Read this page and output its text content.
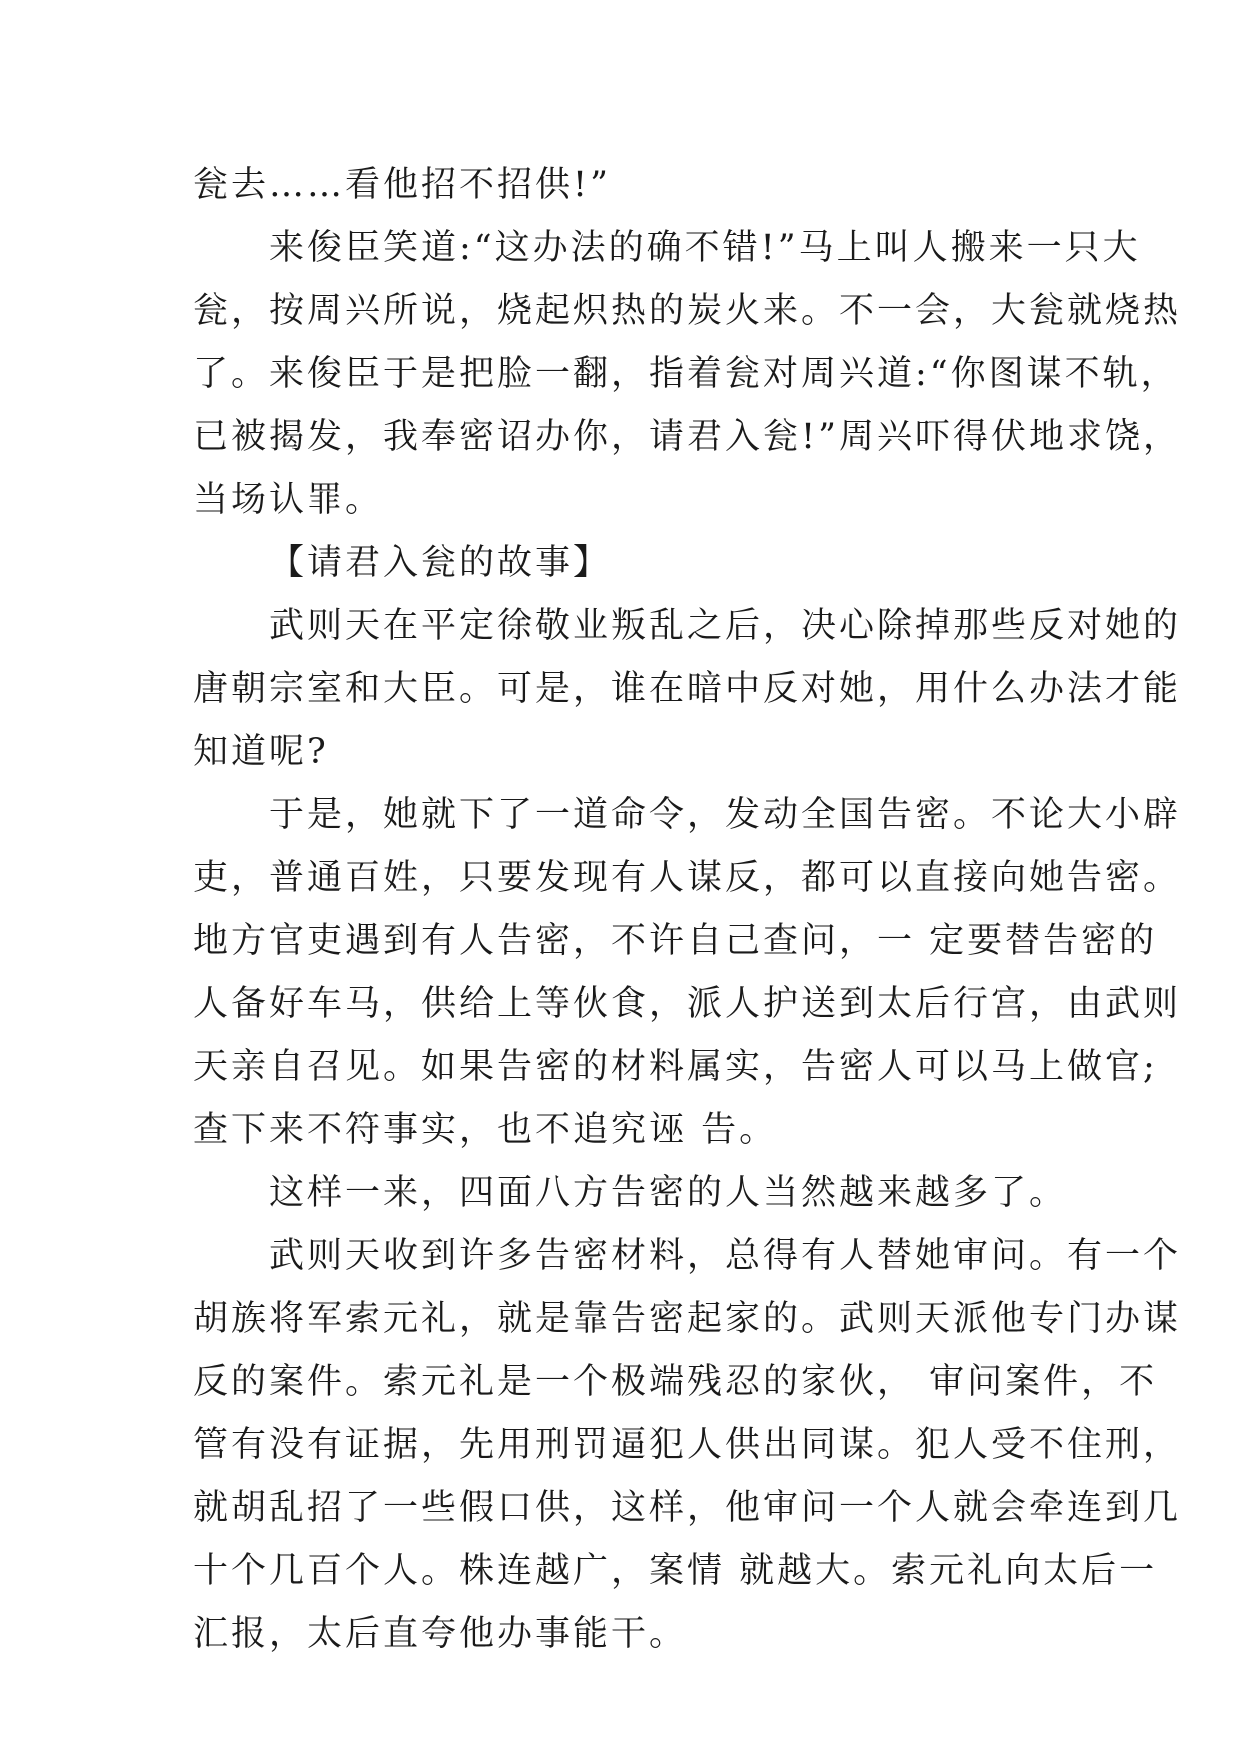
瓮去……看他招不招供!”
来俊臣笑道:“这办法的确不错!”马上叫人搬来一只大
瓮，按周兴所说，烧起炽热的炭火来。不一会，大瓮就烧热
了。来俊臣于是把脸一翻，指着瓮对周兴道:“你图谋不轨，
已被揭发，我奉密诏办你，请君入瓮!”周兴吓得伏地求饶，
当场认罪。
【请君入瓮的故事】
武则天在平定徐敬业叛乱之后，决心除掉那些反对她的
唐朝宗室和大臣。可是，谁在暗中反对她，用什么办法才能
知道呢?
于是，她就下了一道命令，发动全国告密。不论大小辟
吏，普通百姓，只要发现有人谋反，都可以直接向她告密。
地方官吏遇到有人告密，不许自己查问，一 定要替告密的
人备好车马，供给上等伙食，派人护送到太后行宫，由武则
天亲自召见。如果告密的材料属实，告密人可以马上做官;
查下来不符事实，也不追究诬 告。
这样一来，四面八方告密的人当然越来越多了。
武则天收到许多告密材料，总得有人替她审问。有一个
胡族将军索元礼，就是靠告密起家的。武则天派他专门办谋
反的案件。索元礼是一个极端残忍的家伙， 审问案件，不
管有没有证据，先用刑罚逼犯人供出同谋。犯人受不住刑，
就胡乱招了一些假口供，这样，他审问一个人就会牵连到几
十个几百个人。株连越广，案情 就越大。索元礼向太后一
汇报，太后直夸他办事能干。
